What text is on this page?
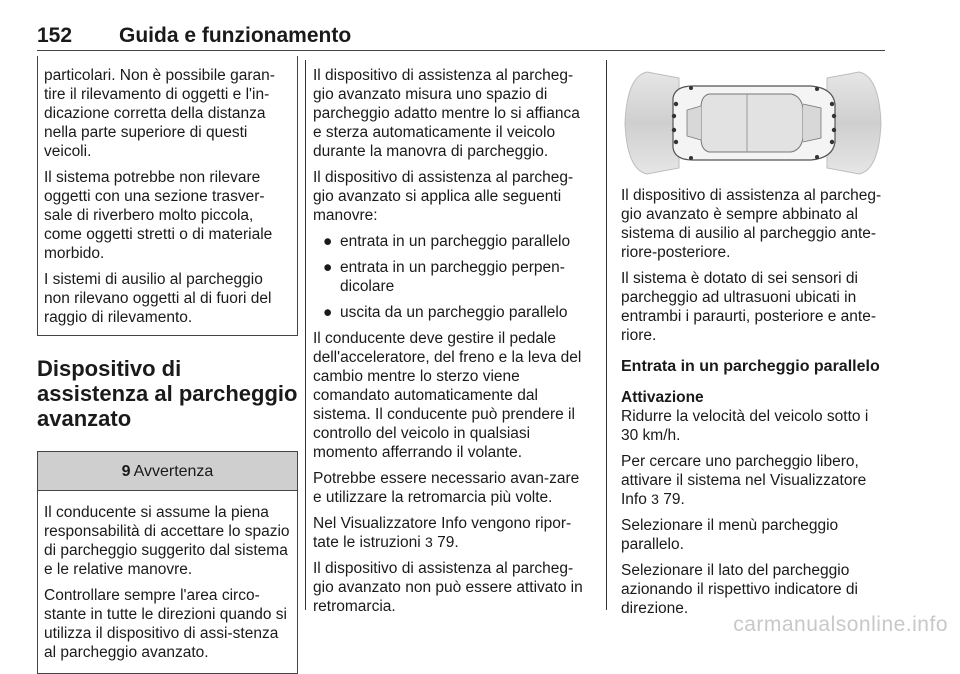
152 Guida e funzionamento

particolari. Non è possibile garan-tire il rilevamento di oggetti e l'in-dicazione corretta della distanza nella parte superiore di questi veicoli.

Il sistema potrebbe non rilevare oggetti con una sezione trasver-sale di riverbero molto piccola, come oggetti stretti o di materiale morbido.

I sistemi di ausilio al parcheggio non rilevano oggetti al di fuori del raggio di rilevamento.

Dispositivo di assistenza al parcheggio avanzato
9 Avvertenza

Il conducente si assume la piena responsabilità di accettare lo spazio di parcheggio suggerito dal sistema e le relative manovre.

Controllare sempre l'area circo-stante in tutte le direzioni quando si utilizza il dispositivo di assi-stenza al parcheggio avanzato.

Il dispositivo di assistenza al parcheg-gio avanzato misura uno spazio di parcheggio adatto mentre lo si affianca e sterza automaticamente il veicolo durante la manovra di parcheggio.

Il dispositivo di assistenza al parcheg-gio avanzato si applica alle seguenti manovre:

● entrata in un parcheggio parallelo
● entrata in un parcheggio perpen-dicolare
● uscita da un parcheggio parallelo

Il conducente deve gestire il pedale dell'acceleratore, del freno e la leva del cambio mentre lo sterzo viene comandato automaticamente dal sistema. Il conducente può prendere il controllo del veicolo in qualsiasi momento afferrando il volante.

Potrebbe essere necessario avan-zare e utilizzare la retromarcia più volte.

Nel Visualizzatore Info vengono ripor-tate le istruzioni 3 79.

Il dispositivo di assistenza al parcheg-gio avanzato non può essere attivato in retromarcia.

Il dispositivo di assistenza al parcheg-gio avanzato è sempre abbinato al sistema di ausilio al parcheggio ante-riore-posteriore.

Il sistema è dotato di sei sensori di parcheggio ad ultrasuoni ubicati in entrambi i paraurti, posteriore e ante-riore.

Entrata in un parcheggio parallelo
Attivazione

Ridurre la velocità del veicolo sotto i 30 km/h.

Per cercare uno parcheggio libero, attivare il sistema nel Visualizzatore Info 3 79.

Selezionare il menù parcheggio parallelo.

Selezionare il lato del parcheggio azionando il rispettivo indicatore di direzione.

carmanualsonline.info
